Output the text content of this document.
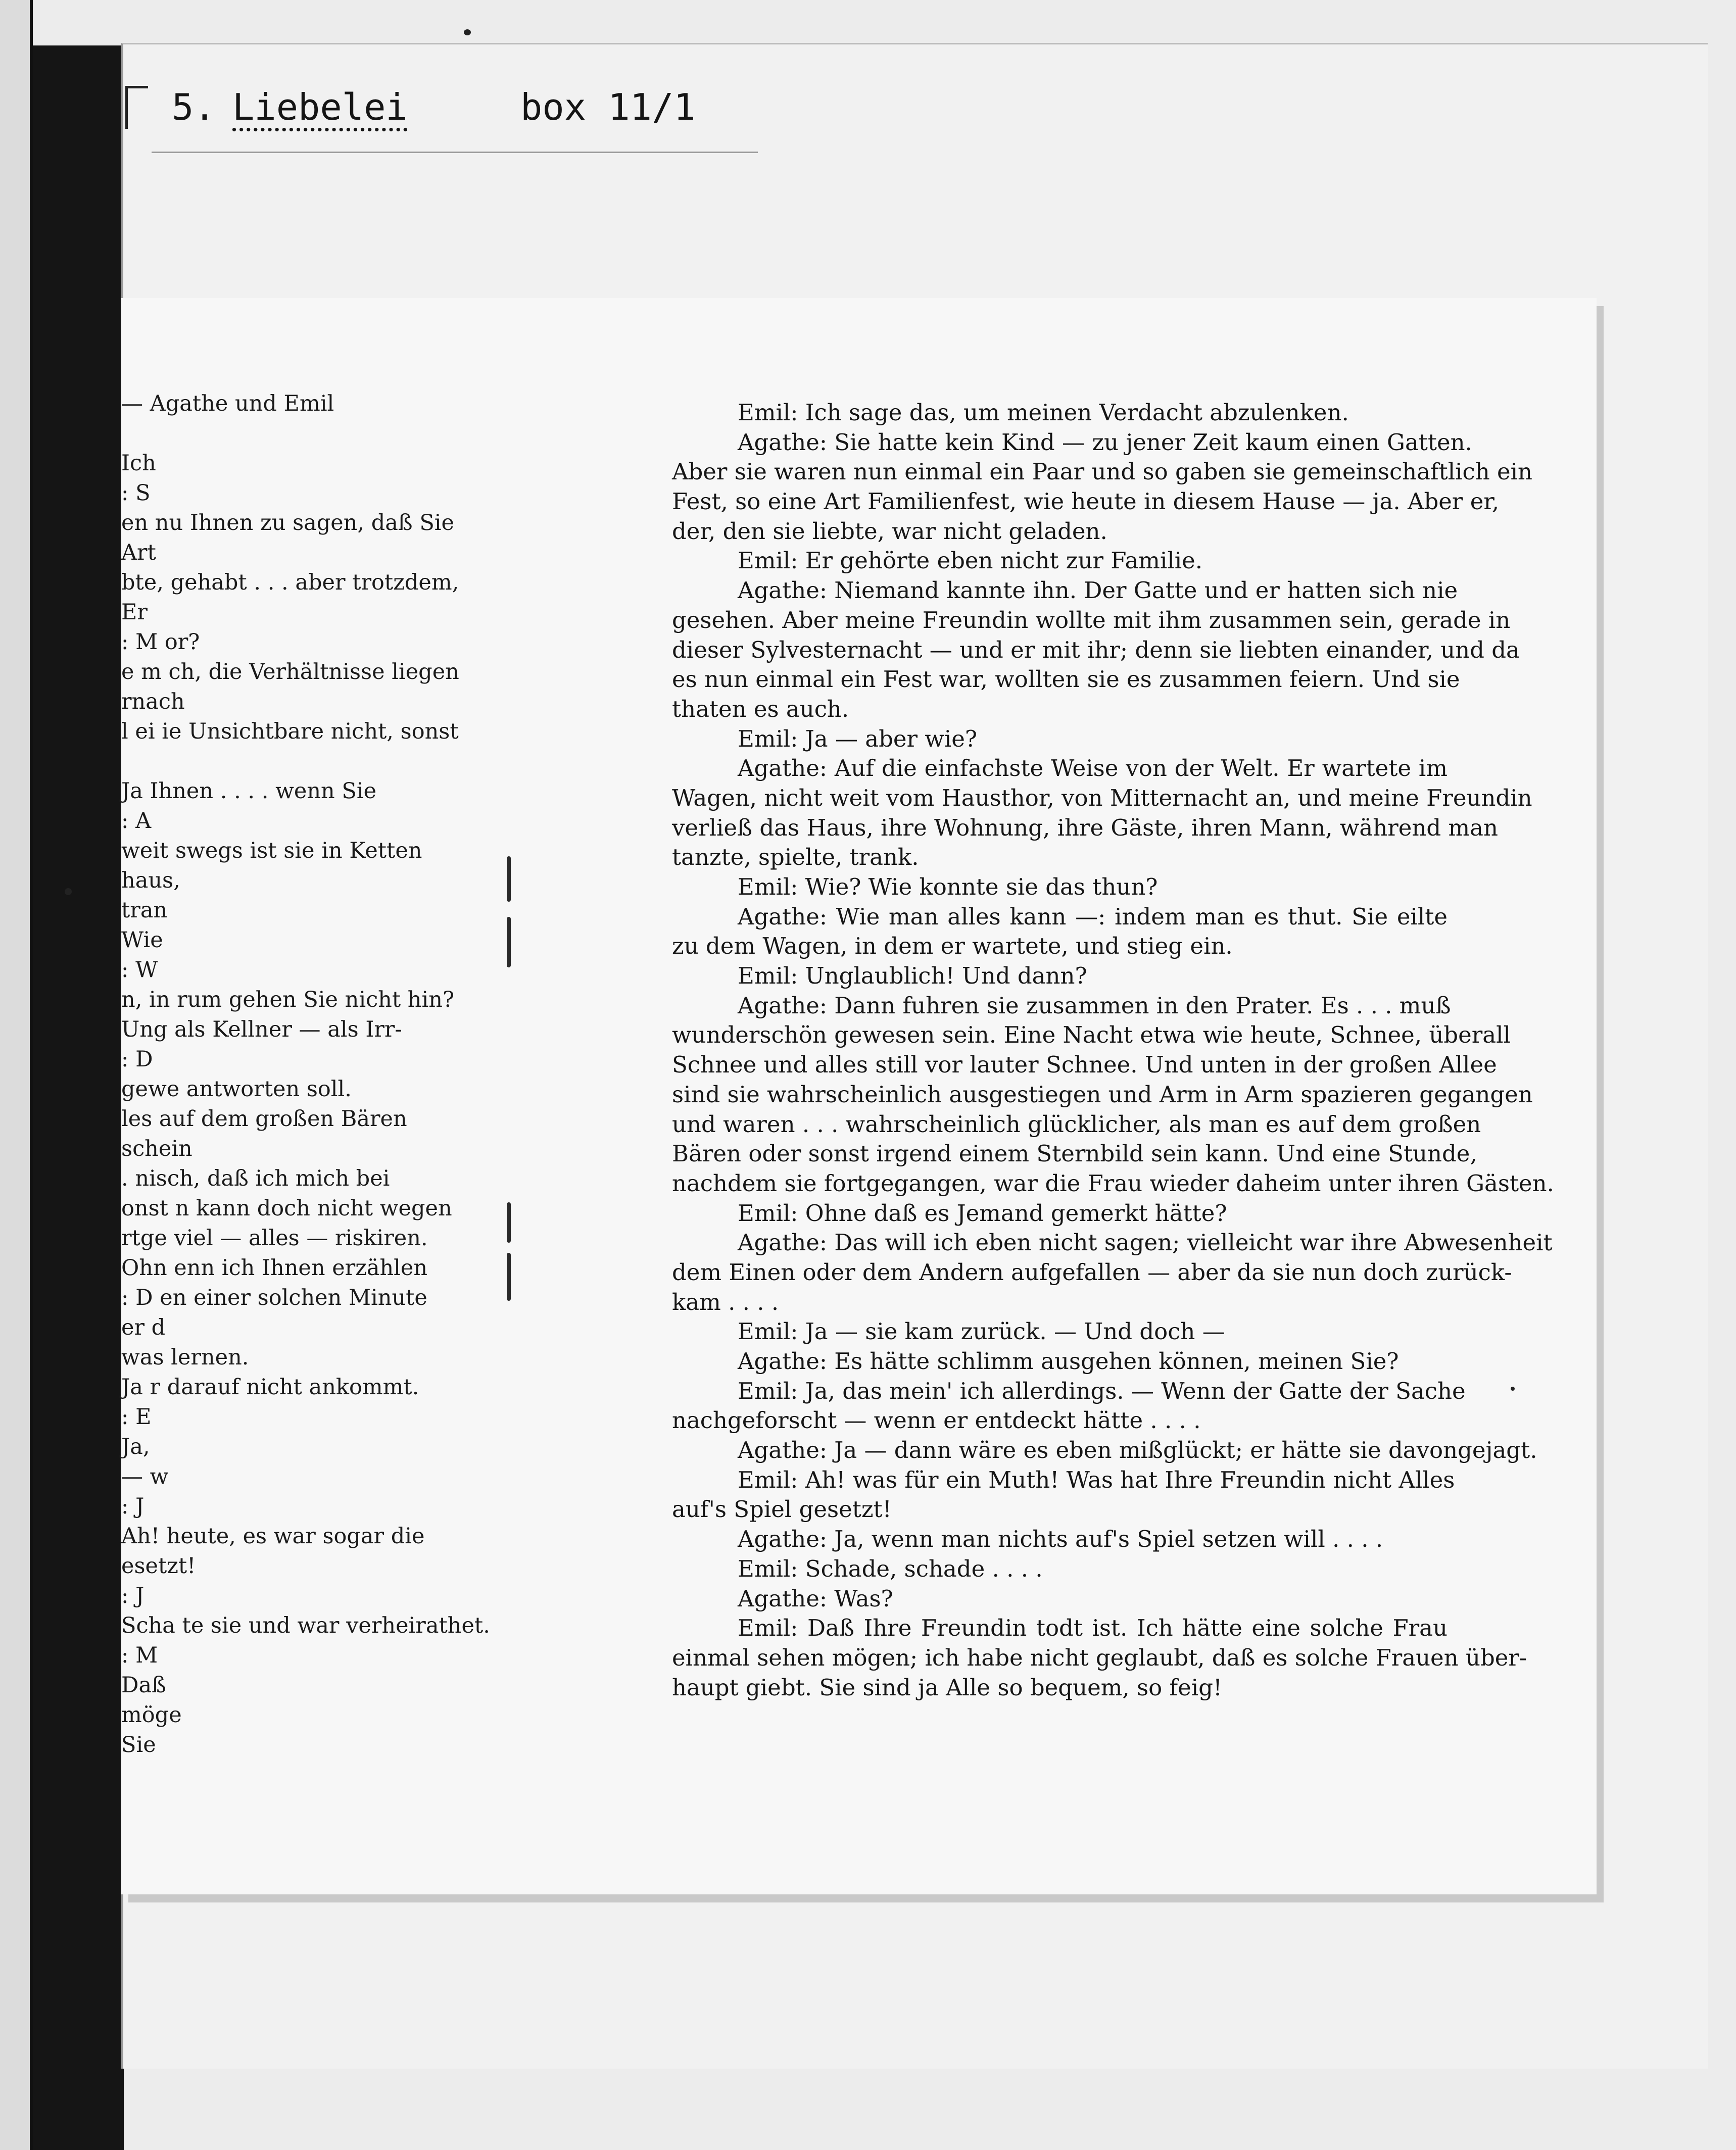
5. Liebelei	box 11/1
— Agathe und Emil
Ich
: S
en nu Ihnen zu sagen, daß Sie
Art
bte, gehabt . . . aber trotzdem,
Er
: M or?
e m ch, die Verhältnisse liegen
rnach
l ei ie Unsichtbare nicht, sonst
Ja Ihnen . . . . wenn Sie
: A
weit swegs ist sie in Ketten
haus,
tran
Wie
: W
n, in rum gehen Sie nicht hin?
Ung als Kellner — als Irr-
: D
gewe antworten soll.
les auf dem großen Bären
schein
. nisch, daß ich mich bei
onst n kann doch nicht wegen
rtge viel — alles — riskiren.
Ohn enn ich Ihnen erzählen
: D en einer solchen Minute
er d
was lernen.
Ja r darauf nicht ankommt.
: E
Ja,
— w
: J
Ah! heute, es war sogar die
esetzt!
: J
Scha te sie und war verheirathet.
: M
Daß
möge
Sie
Emil: Ich sage das, um meinen Verdacht abzulenken.
Agathe: Sie hatte kein Kind — zu jener Zeit kaum einen Gatten.
Aber sie waren nun einmal ein Paar und so gaben sie gemeinschaftlich ein
Fest, so eine Art Familienfest, wie heute in diesem Hause — ja. Aber er,
der, den sie liebte, war nicht geladen.
Emil: Er gehörte eben nicht zur Familie.
Agathe: Niemand kannte ihn. Der Gatte und er hatten sich nie
gesehen. Aber meine Freundin wollte mit ihm zusammen sein, gerade in
dieser Sylvesternacht — und er mit ihr; denn sie liebten einander, und da
es nun einmal ein Fest war, wollten sie es zusammen feiern. Und sie
thaten es auch.
Emil: Ja — aber wie?
Agathe: Auf die einfachste Weise von der Welt. Er wartete im
Wagen, nicht weit vom Hausthor, von Mitternacht an, und meine Freundin
verließ das Haus, ihre Wohnung, ihre Gäste, ihren Mann, während man
tanzte, spielte, trank.
Emil: Wie? Wie konnte sie das thun?
Agathe: Wie man alles kann —: indem man es thut. Sie eilte
zu dem Wagen, in dem er wartete, und stieg ein.
Emil: Unglaublich! Und dann?
Agathe: Dann fuhren sie zusammen in den Prater. Es . . . muß
wunderschön gewesen sein. Eine Nacht etwa wie heute, Schnee, überall
Schnee und alles still vor lauter Schnee. Und unten in der großen Allee
sind sie wahrscheinlich ausgestiegen und Arm in Arm spazieren gegangen
und waren . . . wahrscheinlich glücklicher, als man es auf dem großen
Bären oder sonst irgend einem Sternbild sein kann. Und eine Stunde,
nachdem sie fortgegangen, war die Frau wieder daheim unter ihren Gästen.
Emil: Ohne daß es Jemand gemerkt hätte?
Agathe: Das will ich eben nicht sagen; vielleicht war ihre Abwesenheit
dem Einen oder dem Andern aufgefallen — aber da sie nun doch zurück-
kam . . . .
Emil: Ja — sie kam zurück. — Und doch —
Agathe: Es hätte schlimm ausgehen können, meinen Sie?
Emil: Ja, das mein' ich allerdings. — Wenn der Gatte der Sache
nachgeforscht — wenn er entdeckt hätte . . . .
Agathe: Ja — dann wäre es eben mißglückt; er hätte sie davongejagt.
Emil: Ah! was für ein Muth! Was hat Ihre Freundin nicht Alles
auf's Spiel gesetzt!
Agathe: Ja, wenn man nichts auf's Spiel setzen will . . . .
Emil: Schade, schade . . . .
Agathe: Was?
Emil: Daß Ihre Freundin todt ist. Ich hätte eine solche Frau
einmal sehen mögen; ich habe nicht geglaubt, daß es solche Frauen über-
haupt giebt. Sie sind ja Alle so bequem, so feig!
